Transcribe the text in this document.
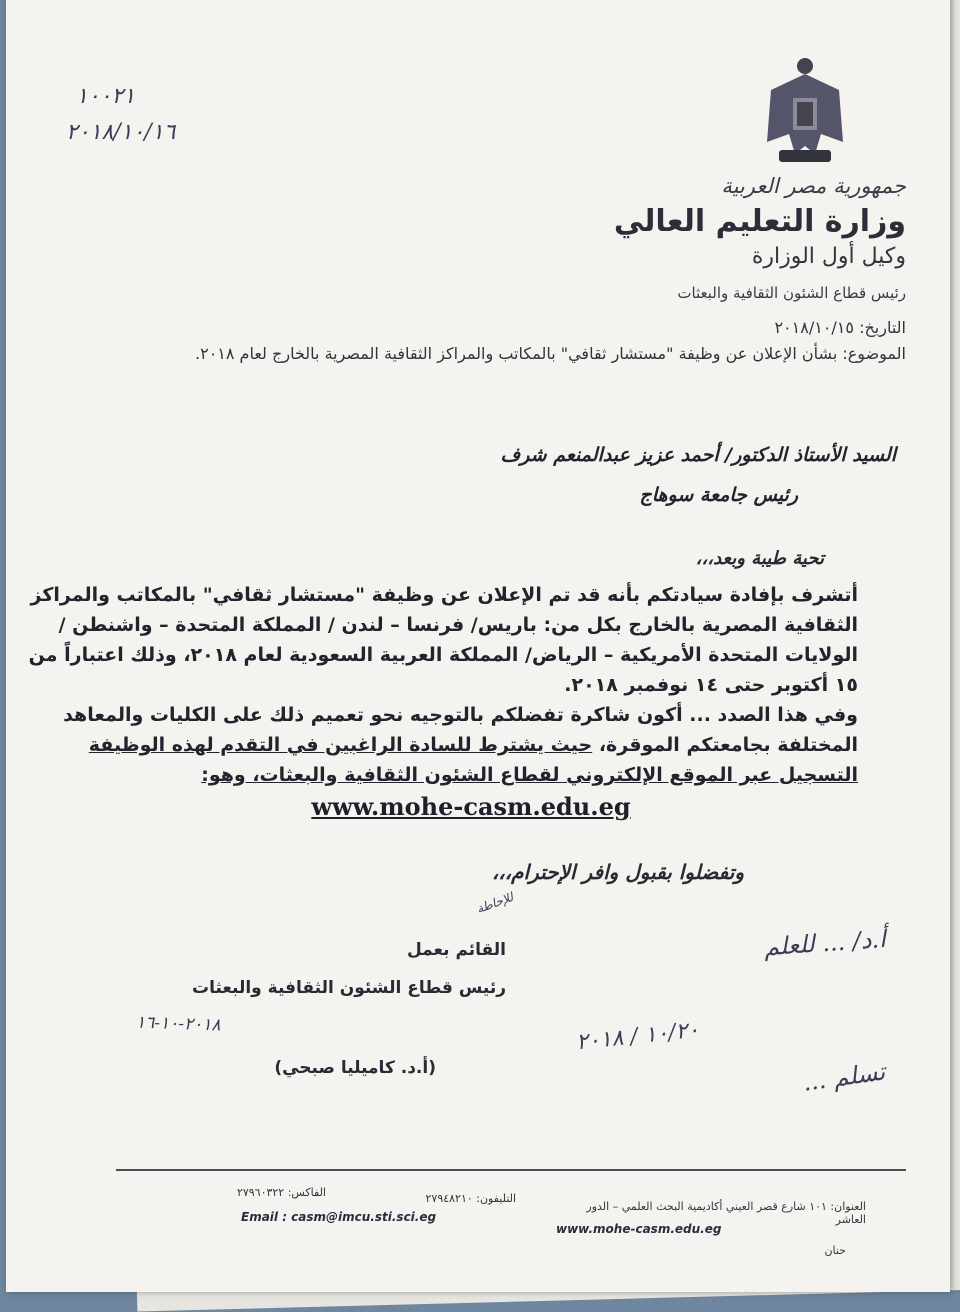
جمهورية مصر العربية
وزارة التعليم العالي
وكيل أول الوزارة
رئيس قطاع الشئون الثقافية والبعثات
١٠٠٢١
٢٠١٨/١٠/١٦
التاريخ: ٢٠١٨/١٠/١٥
الموضوع: بشأن الإعلان عن وظيفة "مستشار ثقافي" بالمكاتب والمراكز الثقافية المصرية بالخارج لعام ٢٠١٨.
السيد الأستاذ الدكتور/ أحمد عزيز عبدالمنعم شرف
رئيس جامعة سوهاج
تحية طيبة وبعد،،،
أتشرف بإفادة سيادتكم بأنه قد تم الإعلان عن وظيفة "مستشار ثقافي" بالمكاتب والمراكز
الثقافية المصرية بالخارج بكل من: باريس/ فرنسا – لندن / المملكة المتحدة – واشنطن /
الولايات المتحدة الأمريكية – الرياض/ المملكة العربية السعودية لعام ٢٠١٨، وذلك اعتباراً من
١٥ أكتوبر حتى ١٤ نوفمبر ٢٠١٨.
وفي هذا الصدد ... أكون شاكرة تفضلكم بالتوجيه نحو تعميم ذلك على الكليات والمعاهد
المختلفة بجامعتكم الموقرة، حيث يشترط للسادة الراغبين في التقدم لهذه الوظيفة
التسجيل عبر الموقع الإلكتروني لقطاع الشئون الثقافية والبعثات، وهو:
www.mohe-casm.edu.eg
وتفضلوا بقبول وافر الإحترام،،،
للإحاطة
القائم بعمل
رئيس قطاع الشئون الثقافية والبعثات
٢٠١٨-١٠-١٦
(أ.د. كاميليا صبحي)
أ.د/ ... للعلم
١٠/٢٠ / ٢٠١٨
تسلم ...
العنوان: ١٠١ شارع قصر العيني أكاديمية البحث العلمي – الدور العاشر
التليفون: ٢٧٩٤٨٢١٠
الفاكس: ٢٧٩٦٠٣٢٢
www.mohe-casm.edu.eg
Email : casm@imcu.sti.sci.eg
حنان
